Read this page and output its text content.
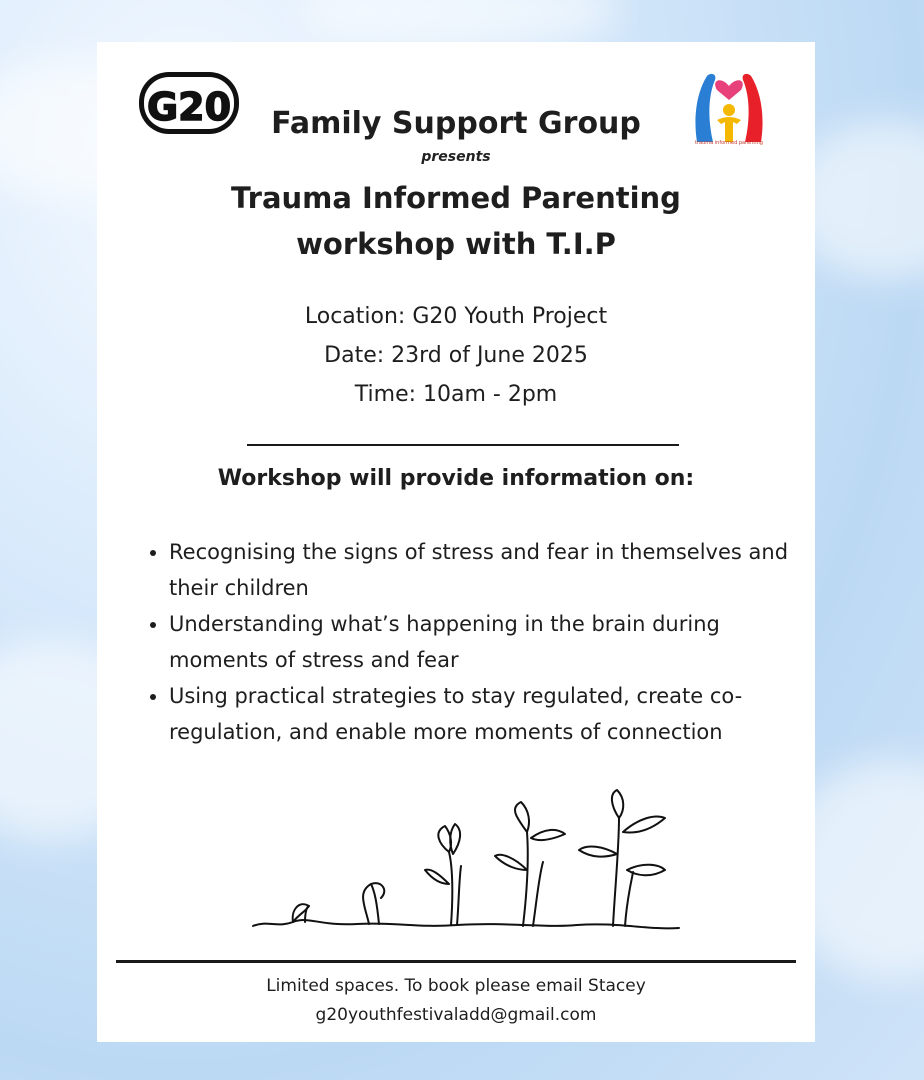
G20
trauma informed parenting
Family Support Group
presents
Trauma Informed Parenting
workshop with T.I.P
Location: G20 Youth Project
Date: 23rd of June 2025
Time: 10am - 2pm
Workshop will provide information on:
• Recognising the signs of stress and fear in themselves and their children
• Understanding what’s happening in the brain during moments of stress and fear
• Using practical strategies to stay regulated, create co-regulation, and enable more moments of connection
Limited spaces. To book please email Stacey
g20youthfestivaladd@gmail.com
